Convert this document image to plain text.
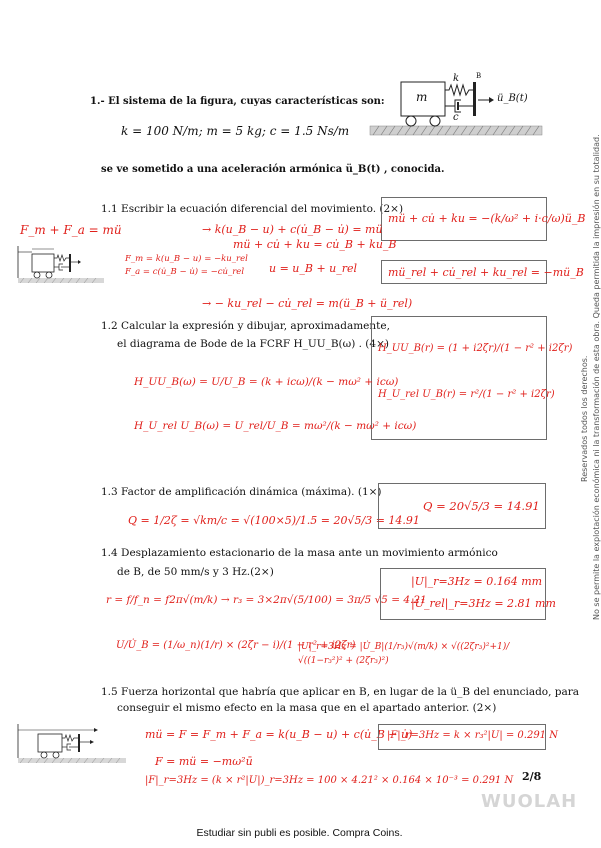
Reservados todos los derechos. No se permite la explotación económica ni la transformación de esta obra. Queda permitida la impresión en su totalidad.
1.- El sistema de la figura, cuyas características son:
k = 100 N/m; m = 5 kg; c = 1.5 Ns/m
se ve sometido a una aceleración armónica ü_B(t) , conocida.
m
k
c
B
ü_B(t)
1.1 Escribir la ecuación diferencial del movimiento. (2×)
mü + cu̇ + ku = −(k/ω² + i·c/ω)ü_B
mü_rel + cu̇_rel + ku_rel = −mü_B
F_m + F_a = mü	→ k(u_B − u) + c(u̇_B − u̇) = mü
mü + cu̇ + ku = cu̇_B + ku_B
F_m = k(u_B − u) = −ku_rel
F_a = c(u̇_B − u̇) = −cu̇_rel u = u_B + u_rel
→ − ku_rel − cu̇_rel = m(ü_B + ü_rel)
1.2 Calcular la expresión y dibujar, aproximadamente,
el diagrama de Bode de la FCRF H_UU_B(ω) . (4×)
H_UU_B(r) = (1 + i2ζr)/(1 − r² + i2ζr)
H_U_rel U_B(r) = r²/(1 − r² + i2ζr)
H_UU_B(ω) = U/U_B = (k + icω)/(k − mω² + icω)
H_U_rel U_B(ω) = U_rel/U_B = mω²/(k − mω² + icω)
1.3 Factor de amplificación dinámica (máxima). (1×)
Q = 1/2ζ = √km/c = √(100×5)/1.5 = 20√5/3 = 14.91
Q = 20√5/3 = 14.91
1.4 Desplazamiento estacionario de la masa ante un movimiento armónico
de B, de 50 mm/s y 3 Hz.(2×)
r = f/f_n = f2π√(m/k) → r₃ = 3×2π√(5/100) = 3π/5 √5 = 4.21
|U|_r=3Hz = 0.164 mm
|U_rel|_r=3Hz = 2.81 mm
U/U̇_B = (1/ω_n)(1/r) × (2ζr − i)/(1 − r² + i2ζr)
|U|_r=3Hz = |U̇_B|(1/r₃)√(m/k) × √((2ζr₃)²+1)/√((1−r₃²)² + (2ζr₃)²)
1.5 Fuerza horizontal que habría que aplicar en B, en lugar de la ü_B del enunciado, para
conseguir el mismo efecto en la masa que en el apartado anterior. (2×)
mü = F = F_m + F_a = k(u_B − u) + c(u̇_B − u̇)
F = mü = −mω²ū
|F|_r=3Hz = (k × r²|U|)_r=3Hz = 100 × 4.21² × 0.164 × 10⁻³ = 0.291 N
|F|_r=3Hz = k × r₃²|U| = 0.291 N
2/8
WUOLAH
Estudiar sin publi es posible. Compra Coins.
